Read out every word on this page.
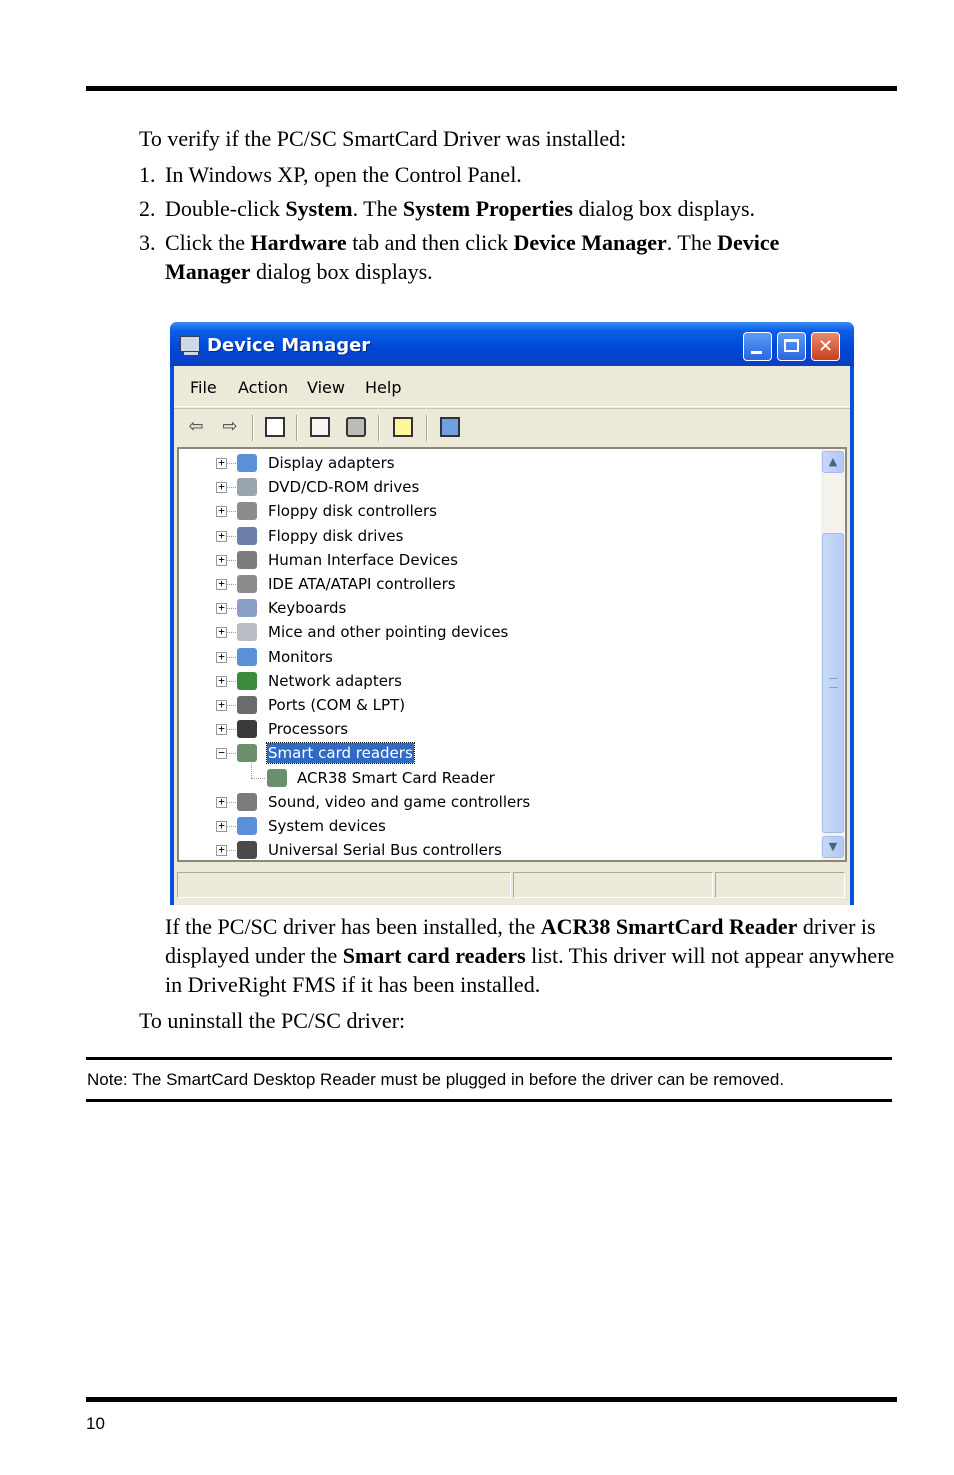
To verify if the PC/SC SmartCard Driver was installed:
1. In Windows XP, open the Control Panel.
2. Double-click System. The System Properties dialog box displays.
3. Click the Hardware tab and then click Device Manager. The Device Manager dialog box displays.
Device Manager	✕
File Action View Help
⇦ ⇨
+	Display adapters
+	DVD/CD-ROM drives
+	Floppy disk controllers
+	Floppy disk drives
+	Human Interface Devices
+	IDE ATA/ATAPI controllers
+	Keyboards
+	Mice and other pointing devices
+	Monitors
+	Network adapters
+	Ports (COM & LPT)
+	Processors
−	Smart card readers
ACR38 Smart Card Reader
+	Sound, video and game controllers
+	System devices
+	Universal Serial Bus controllers
▲
▼
If the PC/SC driver has been installed, the ACR38 SmartCard Reader driver is displayed under the Smart card readers list. This driver will not appear anywhere in DriveRight FMS if it has been installed.
To uninstall the PC/SC driver:
Note: The SmartCard Desktop Reader must be plugged in before the driver can be removed.
10
